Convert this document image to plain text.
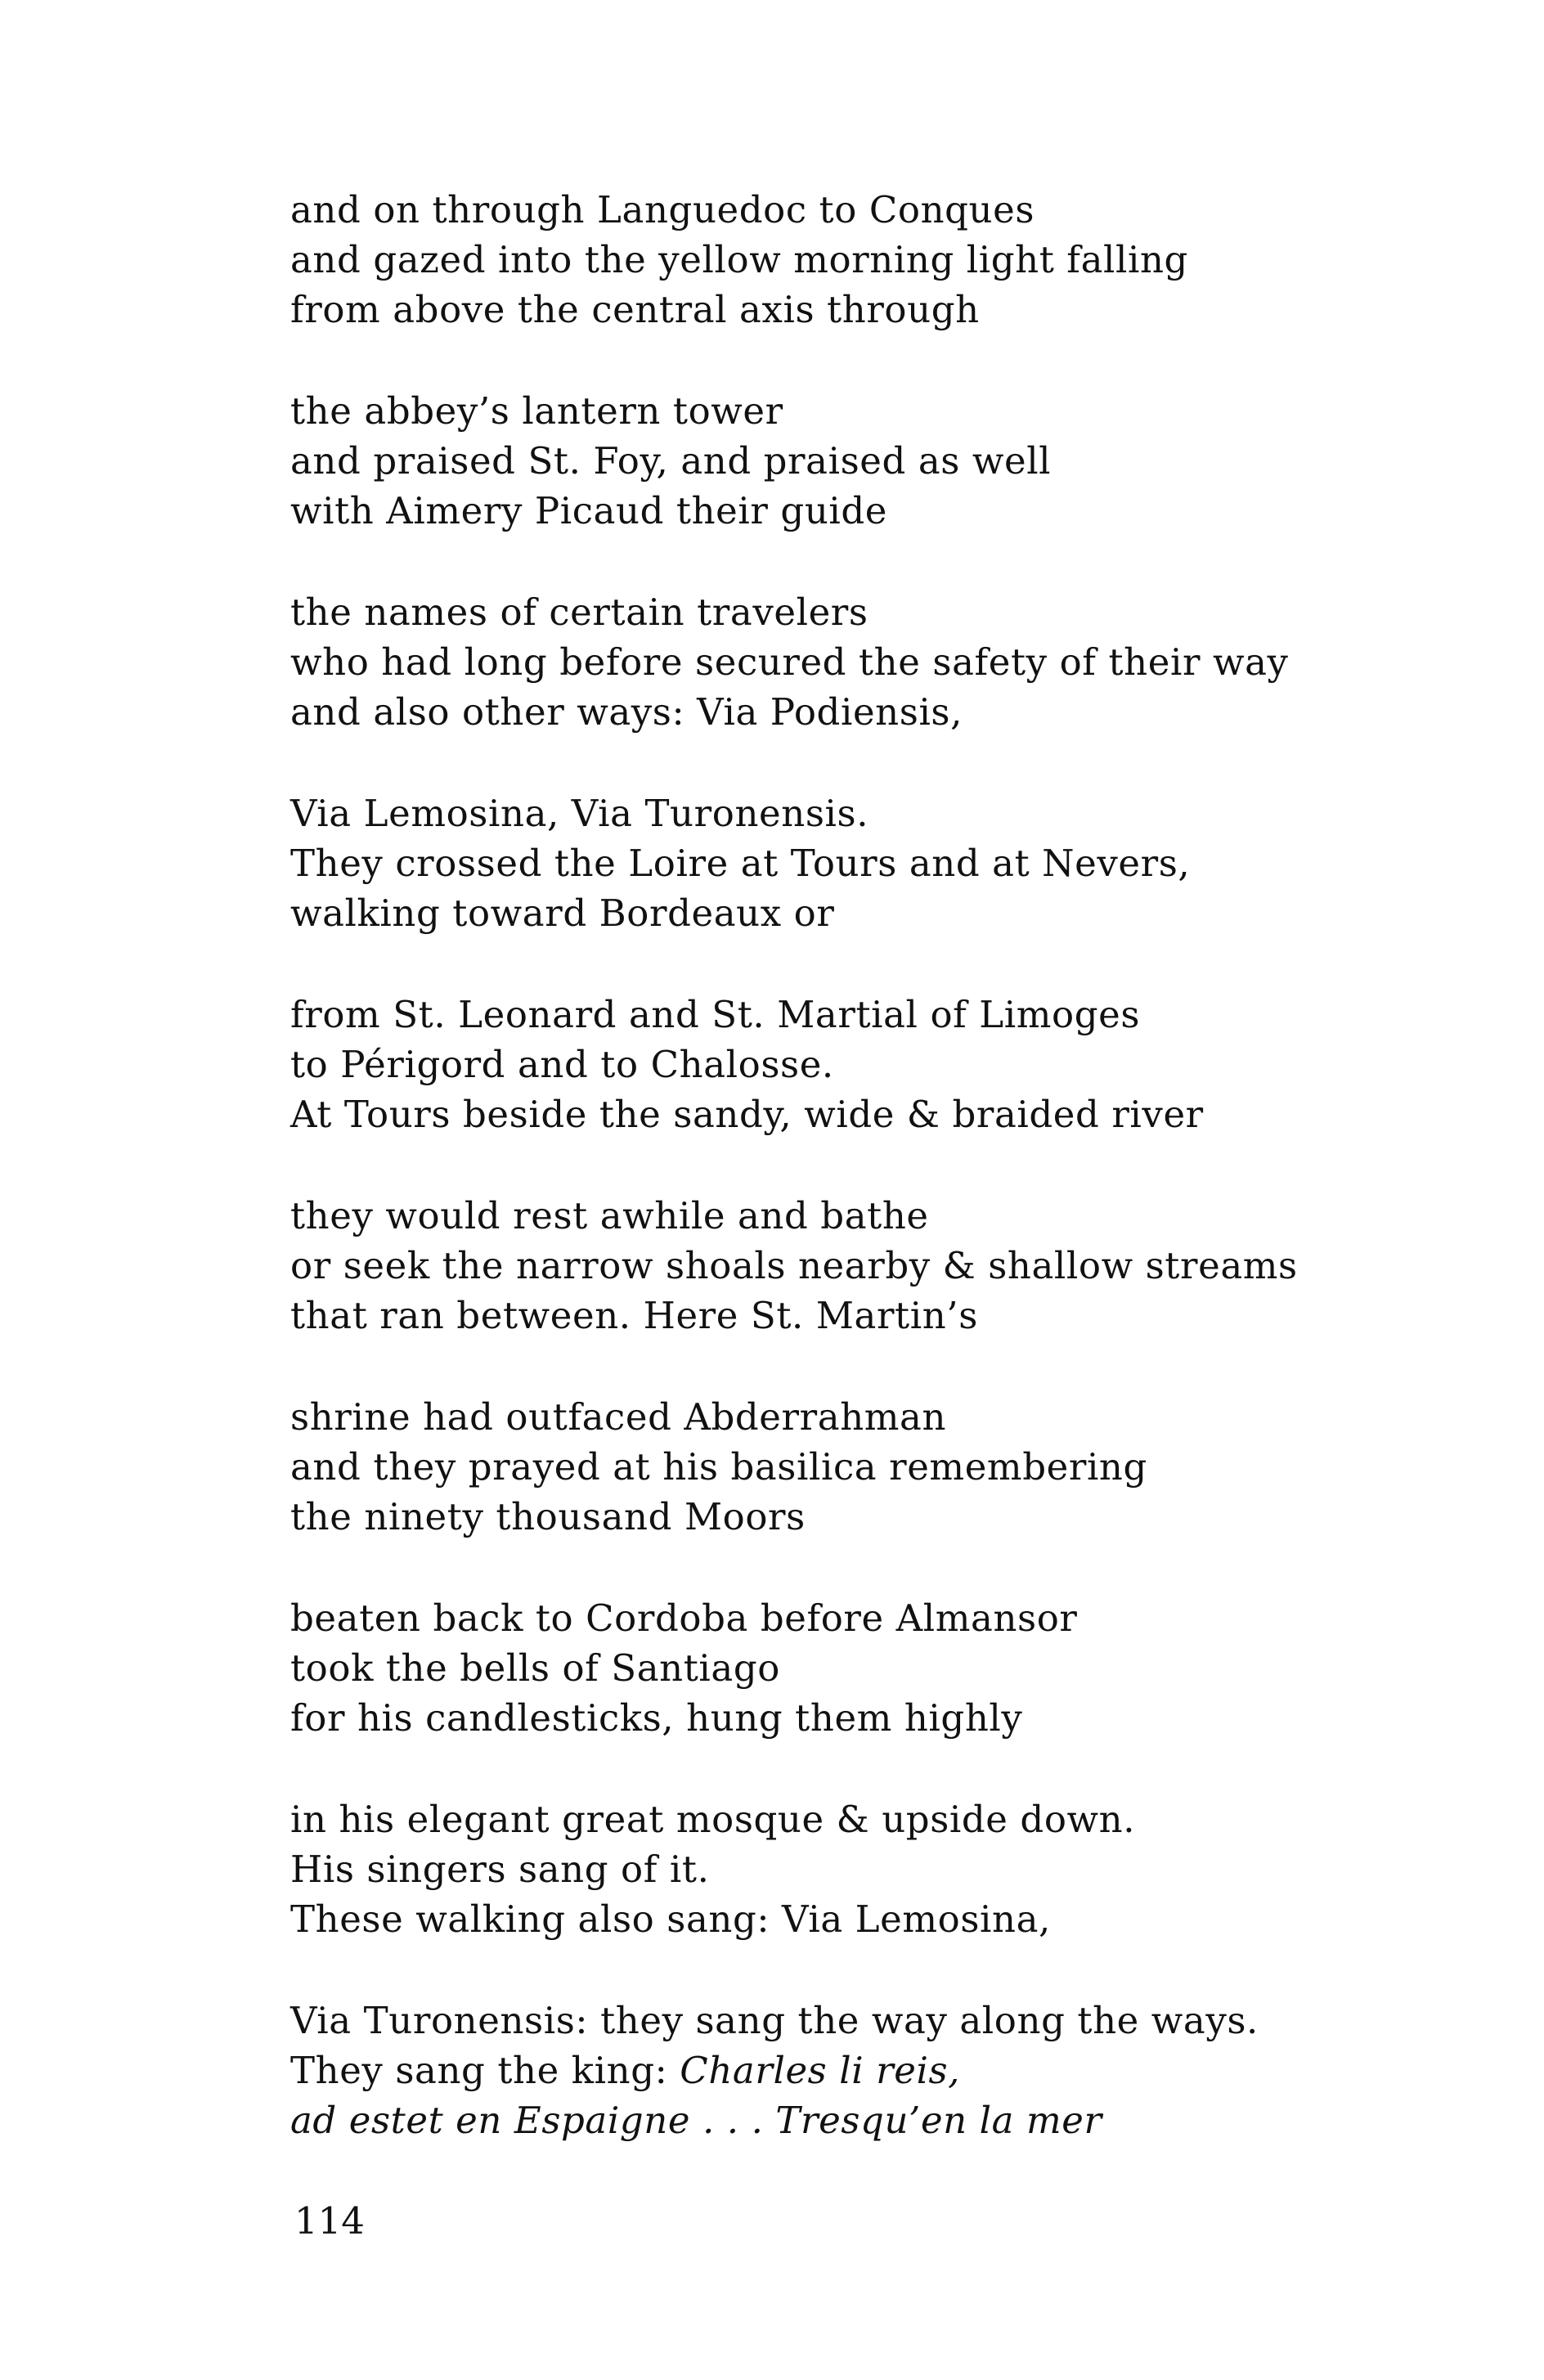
and on through Languedoc to Conques
and gazed into the yellow morning light falling
from above the central axis through
the abbey’s lantern tower
and praised St. Foy, and praised as well
with Aimery Picaud their guide
the names of certain travelers
who had long before secured the safety of their way
and also other ways: Via Podiensis,
Via Lemosina, Via Turonensis.
They crossed the Loire at Tours and at Nevers,
walking toward Bordeaux or
from St. Leonard and St. Martial of Limoges
to Périgord and to Chalosse.
At Tours beside the sandy, wide & braided river
they would rest awhile and bathe
or seek the narrow shoals nearby & shallow streams
that ran between. Here St. Martin’s
shrine had outfaced Abderrahman
and they prayed at his basilica remembering
the ninety thousand Moors
beaten back to Cordoba before Almansor
took the bells of Santiago
for his candlesticks, hung them highly
in his elegant great mosque & upside down.
His singers sang of it.
These walking also sang: Via Lemosina,
Via Turonensis: they sang the way along the ways.
They sang the king: Charles li reis,
ad estet en Espaigne . . . Tresqu’en la mer
114
